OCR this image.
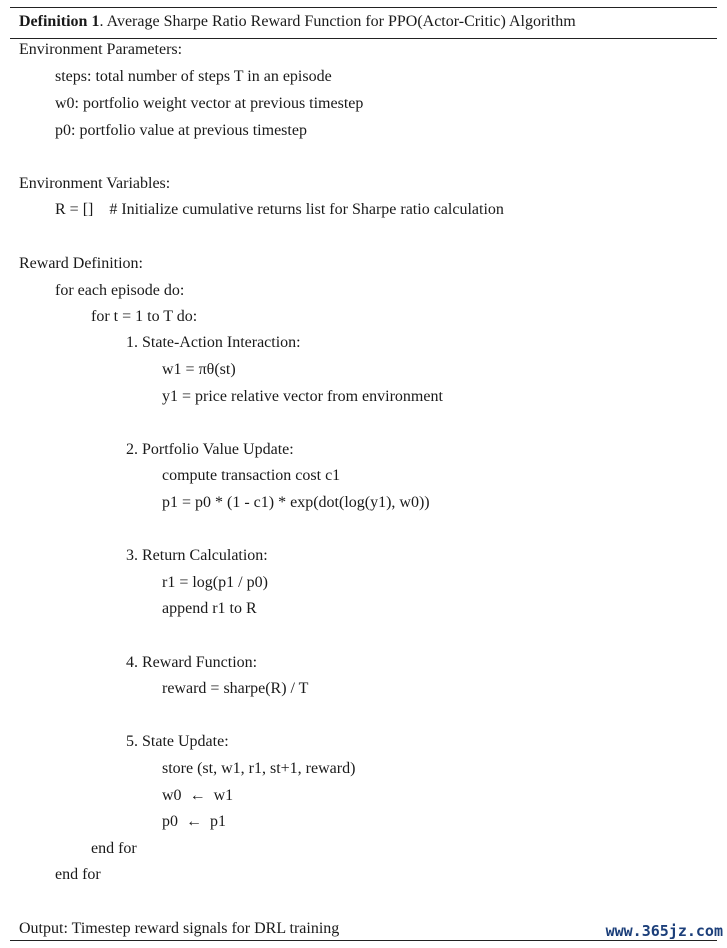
Definition 1. Average Sharpe Ratio Reward Function for PPO(Actor-Critic) Algorithm
Environment Parameters:
steps: total number of steps T in an episode
w0: portfolio weight vector at previous timestep
p0: portfolio value at previous timestep
Environment Variables:
R = []    # Initialize cumulative returns list for Sharpe ratio calculation
Reward Definition:
for each episode do:
for t = 1 to T do:
1. State-Action Interaction:
w1 = πθ(st)
y1 = price relative vector from environment
2. Portfolio Value Update:
compute transaction cost c1
p1 = p0 * (1 - c1) * exp(dot(log(y1), w0))
3. Return Calculation:
r1 = log(p1 / p0)
append r1 to R
4. Reward Function:
reward = sharpe(R) / T
5. State Update:
store (st, w1, r1, st+1, reward)
w0 ← w1
p0 ← p1
end for
end for
Output: Timestep reward signals for DRL training	www.365jz.com
